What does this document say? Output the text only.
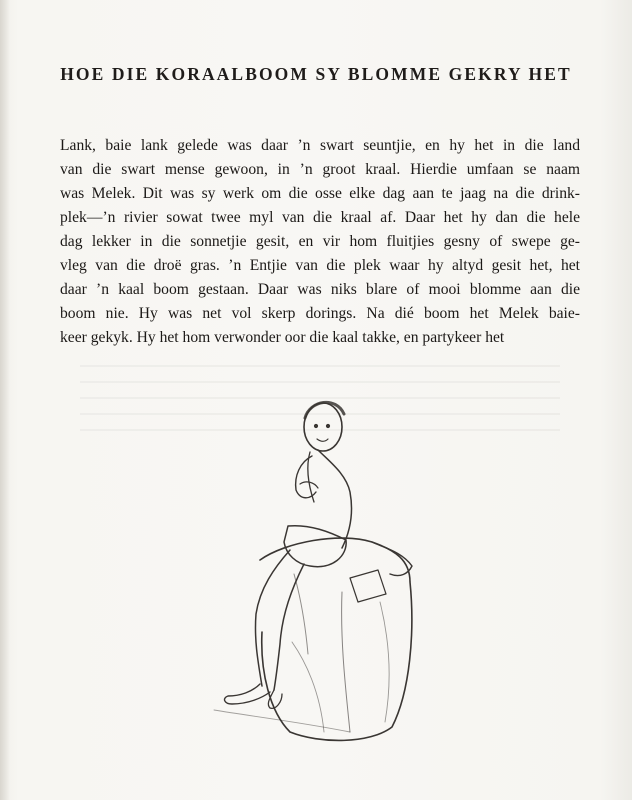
HOE DIE KORAALBOOM SY BLOMME GEKRY HET
Lank, baie lank gelede was daar ’n swart seuntjie, en hy het in die land
van die swart mense gewoon, in ’n groot kraal. Hierdie umfaan se naam
was Melek. Dit was sy werk om die osse elke dag aan te jaag na die drink-
plek—’n rivier sowat twee myl van die kraal af. Daar het hy dan die hele
dag lekker in die sonnetjie gesit, en vir hom fluitjies gesny of swepe ge-
vleg van die droë gras. ’n Entjie van die plek waar hy altyd gesit het, het
daar ’n kaal boom gestaan. Daar was niks blare of mooi blomme aan die
boom nie. Hy was net vol skerp dorings. Na dié boom het Melek baie-
keer gekyk. Hy het hom verwonder oor die kaal takke, en partykeer het
